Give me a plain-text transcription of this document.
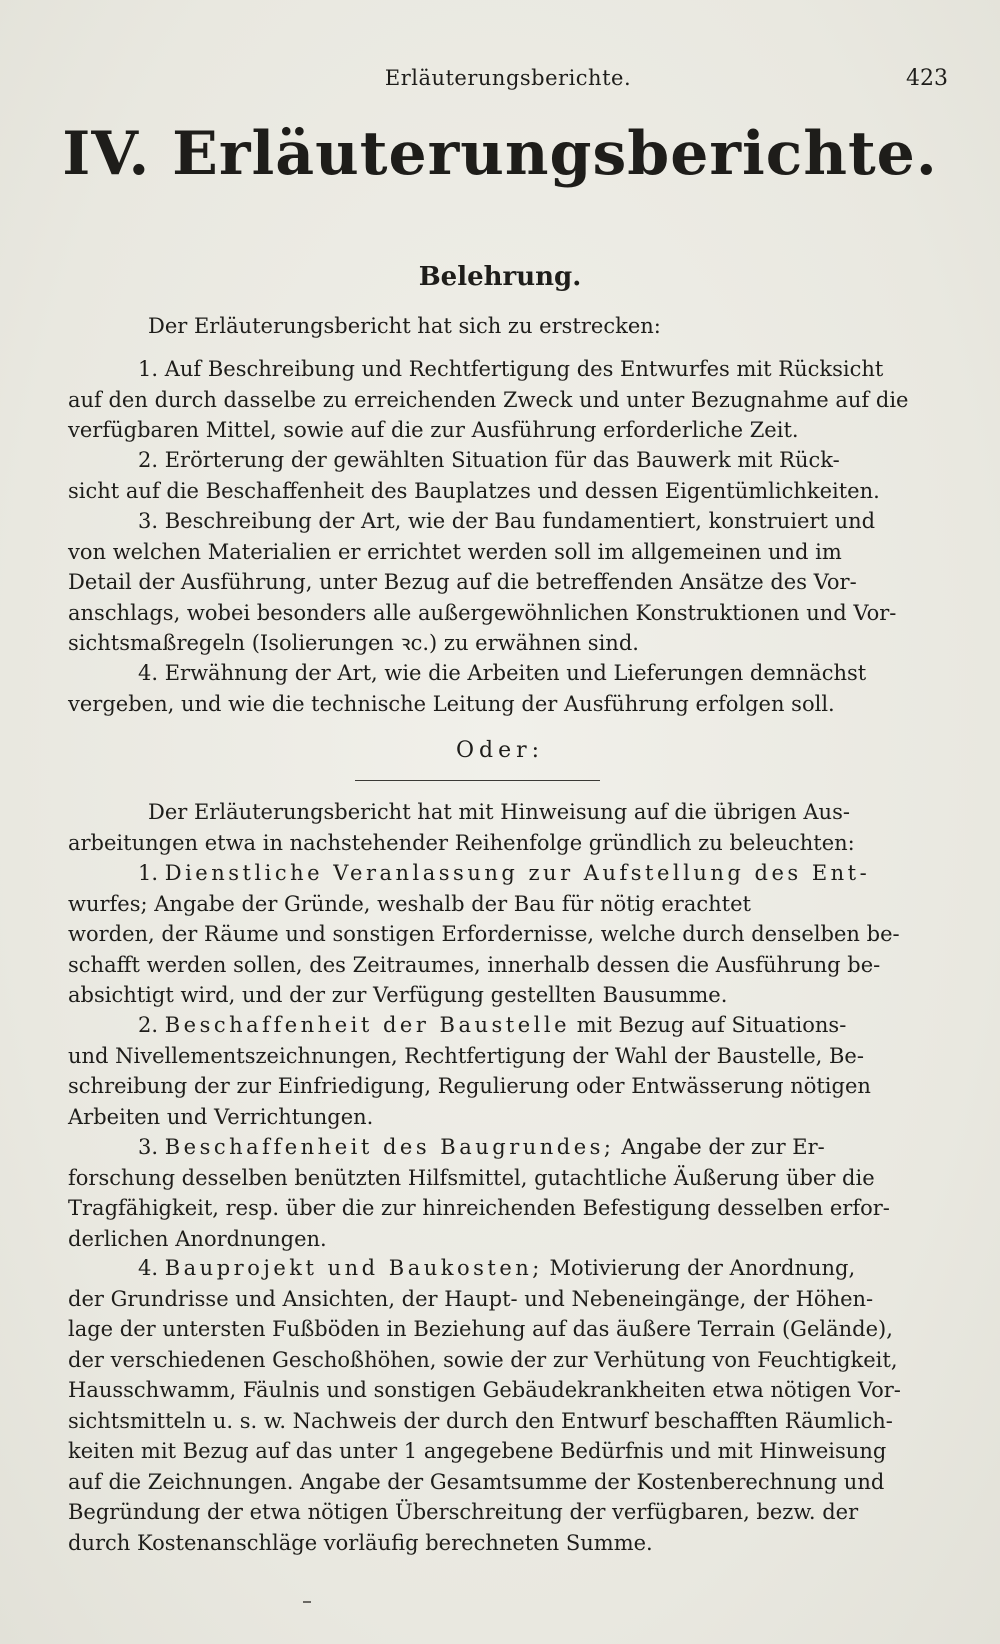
Erläuterungsberichte.	423
IV. Erläuterungsberichte.
Belehrung.

Der Erläuterungsbericht hat sich zu erstrecken:

1. Auf Beschreibung und Rechtfertigung des Entwurfes mit Rücksicht
auf den durch dasselbe zu erreichenden Zweck und unter Bezugnahme auf die
verfügbaren Mittel, sowie auf die zur Ausführung erforderliche Zeit.

2. Erörterung der gewählten Situation für das Bauwerk mit Rück-
sicht auf die Beschaffenheit des Bauplatzes und dessen Eigentümlichkeiten.

3. Beschreibung der Art, wie der Bau fundamentiert, konstruiert und
von welchen Materialien er errichtet werden soll im allgemeinen und im
Detail der Ausführung, unter Bezug auf die betreffenden Ansätze des Vor-
anschlags, wobei besonders alle außergewöhnlichen Konstruktionen und Vor-
sichtsmaßregeln (Isolierungen ꝛc.) zu erwähnen sind.

4. Erwähnung der Art, wie die Arbeiten und Lieferungen demnächst
vergeben, und wie die technische Leitung der Ausführung erfolgen soll.

Oder:

Der Erläuterungsbericht hat mit Hinweisung auf die übrigen Aus-
arbeitungen etwa in nachstehender Reihenfolge gründlich zu beleuchten:

1. Dienstliche Veranlassung zur Aufstellung des Ent-
wurfes; Angabe der Gründe, weshalb der Bau für nötig erachtet
worden, der Räume und sonstigen Erfordernisse, welche durch denselben be-
schafft werden sollen, des Zeitraumes, innerhalb dessen die Ausführung be-
absichtigt wird, und der zur Verfügung gestellten Bausumme.

2. Beschaffenheit der Baustelle mit Bezug auf Situations-
und Nivellementszeichnungen, Rechtfertigung der Wahl der Baustelle, Be-
schreibung der zur Einfriedigung, Regulierung oder Entwässerung nötigen
Arbeiten und Verrichtungen.

3. Beschaffenheit des Baugrundes; Angabe der zur Er-
forschung desselben benützten Hilfsmittel, gutachtliche Äußerung über die
Tragfähigkeit, resp. über die zur hinreichenden Befestigung desselben erfor-
derlichen Anordnungen.

4. Bauprojekt und Baukosten; Motivierung der Anordnung,
der Grundrisse und Ansichten, der Haupt- und Nebeneingänge, der Höhen-
lage der untersten Fußböden in Beziehung auf das äußere Terrain (Gelände),
der verschiedenen Geschoßhöhen, sowie der zur Verhütung von Feuchtigkeit,
Hausschwamm, Fäulnis und sonstigen Gebäudekrankheiten etwa nötigen Vor-
sichtsmitteln u. s. w. Nachweis der durch den Entwurf beschafften Räumlich-
keiten mit Bezug auf das unter 1 angegebene Bedürfnis und mit Hinweisung
auf die Zeichnungen. Angabe der Gesamtsumme der Kostenberechnung und
Begründung der etwa nötigen Überschreitung der verfügbaren, bezw. der
durch Kostenanschläge vorläufig berechneten Summe.
